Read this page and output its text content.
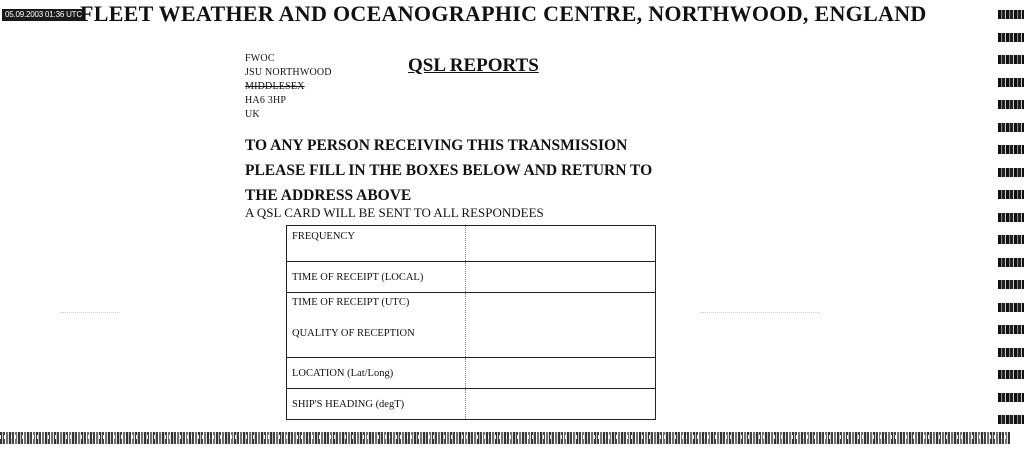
05.09.2003 01:36 UTC
FLEET WEATHER AND OCEANOGRAPHIC CENTRE, NORTHWOOD, ENGLAND
FWOC
JSU NORTHWOOD
MIDDLESEX
HA6 3HP
UK
QSL REPORTS
TO ANY PERSON RECEIVING THIS TRANSMISSION
PLEASE FILL IN THE BOXES BELOW AND RETURN TO
THE ADDRESS ABOVE
A QSL CARD WILL BE SENT TO ALL RESPONDEES
FREQUENCY	
TIME OF RECEIPT (LOCAL)	
TIME OF RECEIPT (UTC)
QUALITY OF RECEPTION	

LOCATION (Lat/Long)	
SHIP'S HEADING (degT)	
